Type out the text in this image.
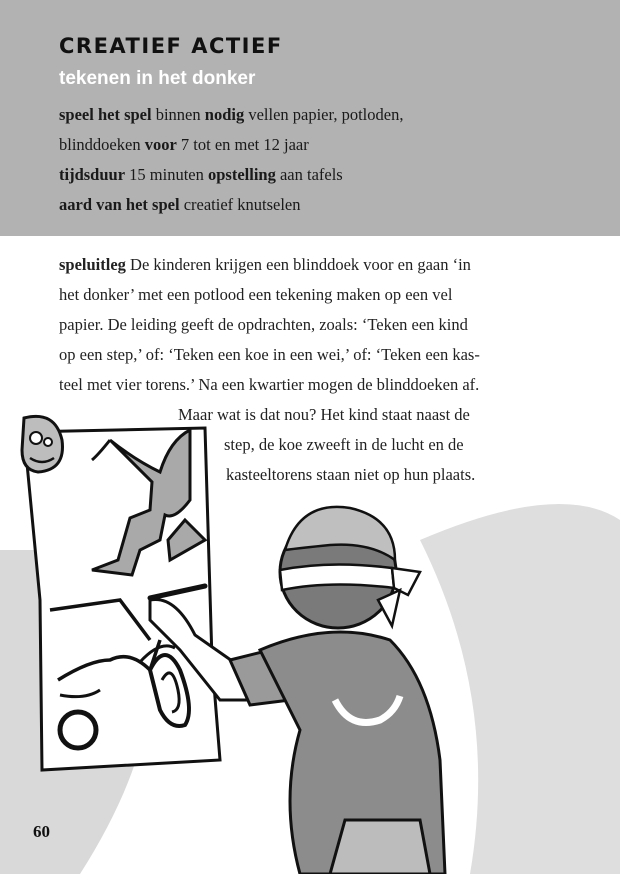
CREATIEF ACTIEF
tekenen in het donker
speel het spel binnen nodig vellen papier, potloden,
blinddoeken voor 7 tot en met 12 jaar
tijdsduur 15 minuten opstelling aan tafels
aard van het spel creatief knutselen
speluitleg De kinderen krijgen een blinddoek voor en gaan ‘in
het donker’ met een potlood een tekening maken op een vel
papier. De leiding geeft de opdrachten, zoals: ‘Teken een kind
op een step,’ of: ‘Teken een koe in een wei,’ of: ‘Teken een kas-
teel met vier torens.’ Na een kwartier mogen de blinddoeken af.
Maar wat is dat nou? Het kind staat naast de
step, de koe zweeft in de lucht en de
kasteeltorens staan niet op hun plaats.
60
